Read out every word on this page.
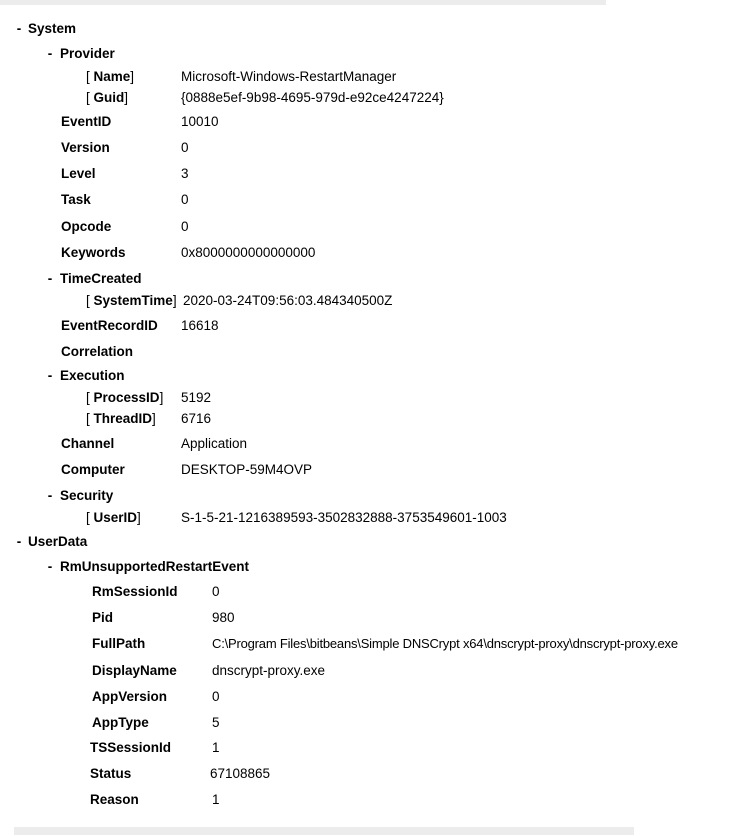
- System
- Provider
[ Name]	Microsoft-Windows-RestartManager
[ Guid]	{0888e5ef-9b98-4695-979d-e92ce4247224}
EventID	10010
Version	0
Level	3
Task	0
Opcode	0
Keywords	0x8000000000000000
- TimeCreated
[ SystemTime] 2020-03-24T09:56:03.484340500Z
EventRecordID 16618
Correlation
- Execution
[ ProcessID] 5192
[ ThreadID] 6716
Channel	Application
Computer	DESKTOP-59M4OVP
- Security
[ UserID]	S-1-5-21-1216389593-3502832888-3753549601-1003
- UserData
- RmUnsupportedRestartEvent
RmSessionId	0
Pid	980
FullPath	C:\Program Files\bitbeans\Simple DNSCrypt x64\dnscrypt-proxy\dnscrypt-proxy.exe
DisplayName	dnscrypt-proxy.exe
AppVersion	0
AppType	5
TSSessionId	1
Status	67108865
Reason	1
